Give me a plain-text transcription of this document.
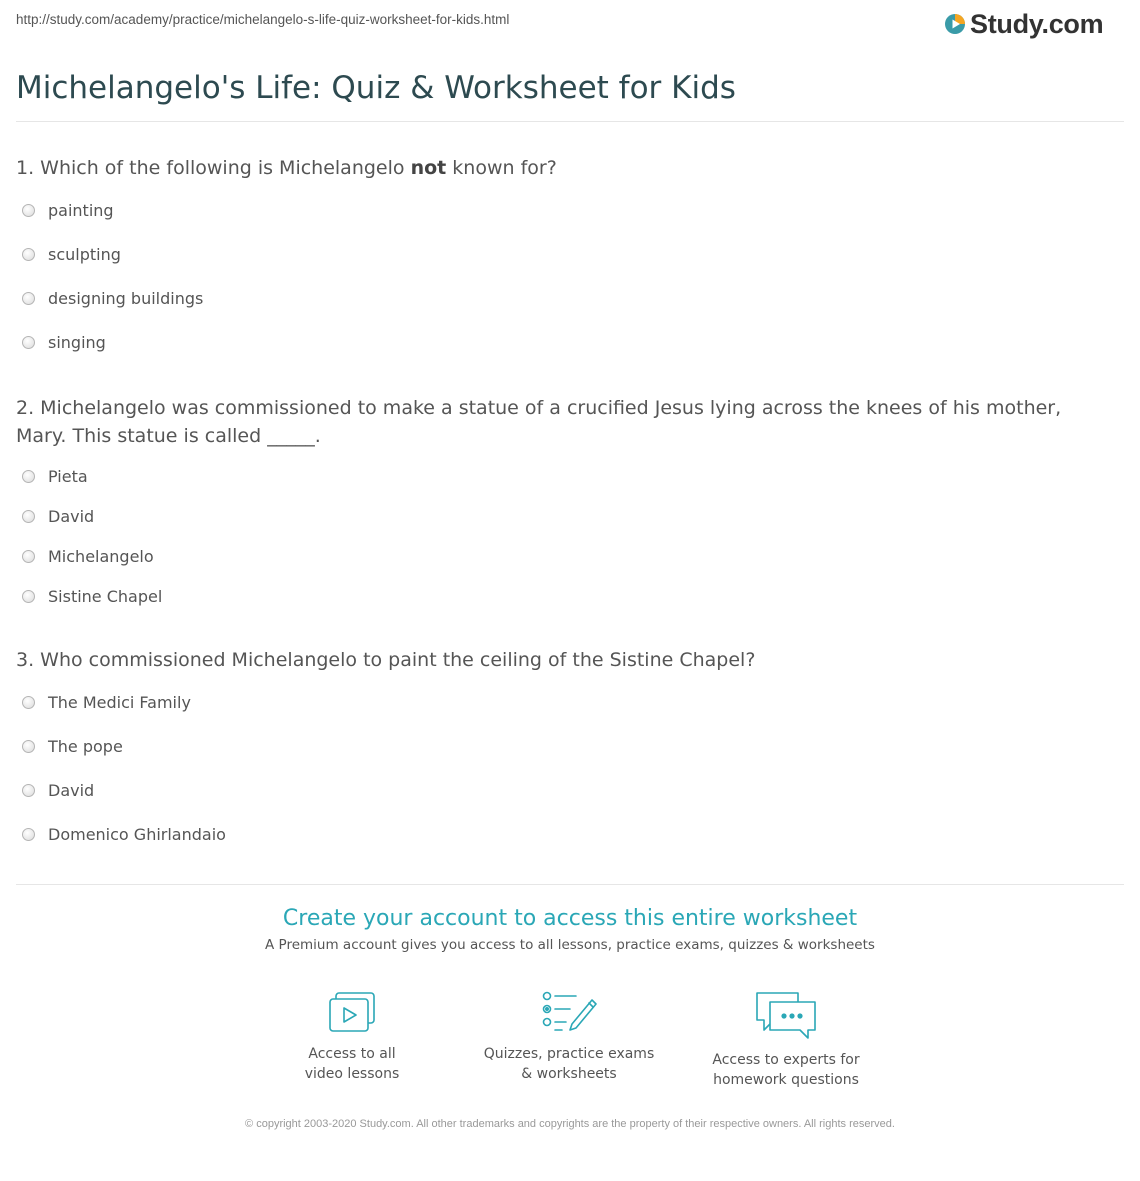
http://study.com/academy/practice/michelangelo-s-life-quiz-worksheet-for-kids.html	Study.com
Michelangelo's Life: Quiz & Worksheet for Kids
1. Which of the following is Michelangelo not known for?
painting
sculpting
designing buildings
singing
2. Michelangelo was commissioned to make a statue of a crucified Jesus lying across the knees of his mother, Mary. This statue is called _____.
Pieta
David
Michelangelo
Sistine Chapel
3. Who commissioned Michelangelo to paint the ceiling of the Sistine Chapel?
The Medici Family
The pope
David
Domenico Ghirlandaio
Create your account to access this entire worksheet
A Premium account gives you access to all lessons, practice exams, quizzes & worksheets
Access to all
video lessons
Quizzes, practice exams
& worksheets
Access to experts for
homework questions
© copyright 2003-2020 Study.com. All other trademarks and copyrights are the property of their respective owners. All rights reserved.
